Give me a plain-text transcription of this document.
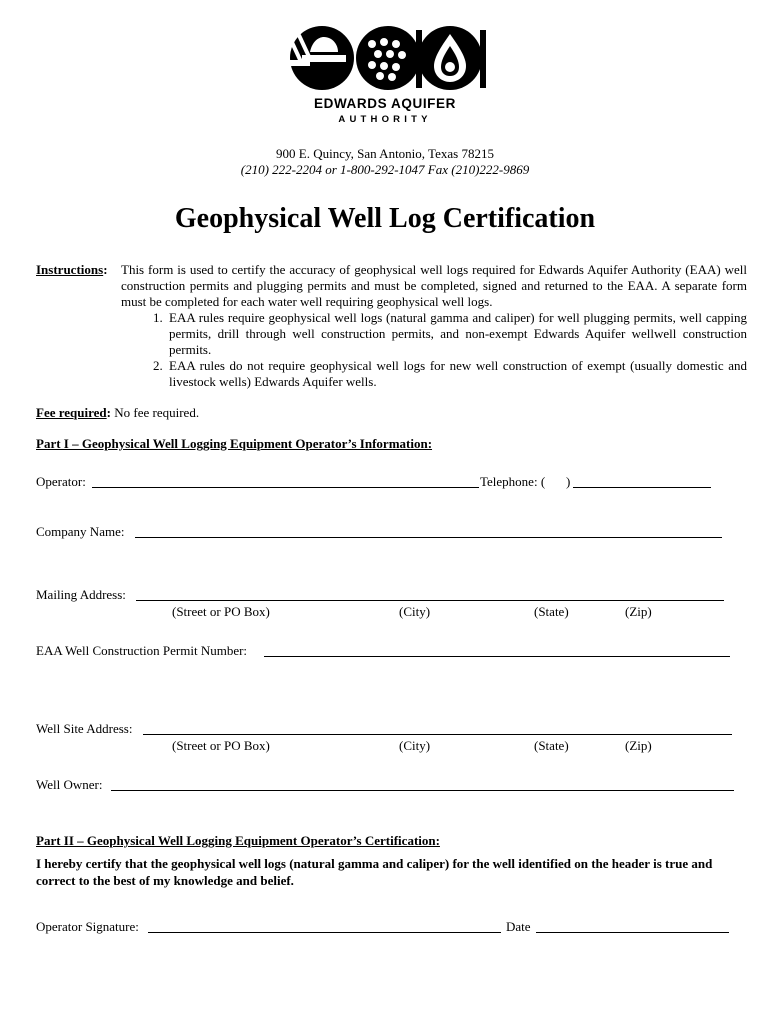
EDWARDS AQUIFER
AUTHORITY
900 E. Quincy, San Antonio, Texas 78215
(210) 222-2204 or 1-800-292-1047 Fax (210)222-9869
Geophysical Well Log Certification
Instructions: This form is used to certify the accuracy of geophysical well logs required for Edwards Aquifer Authority (EAA) well construction permits and plugging permits and must be completed, signed and returned to the EAA. A separate form must be completed for each water well requiring geophysical well logs.

1. EAA rules require geophysical well logs (natural gamma and caliper) for well plugging permits, well capping permits, drill through well construction permits, and non-exempt Edwards Aquifer wellwell construction permits.
2. EAA rules do not require geophysical well logs for new well construction of exempt (usually domestic and livestock wells) Edwards Aquifer wells.
Fee required: No fee required.
Part I – Geophysical Well Logging Equipment Operator’s Information:
Operator:	Telephone: ( )
Company Name:
Mailing Address:
(Street or PO Box)	(City)	(State)	(Zip)
EAA Well Construction Permit Number:
Well Site Address:
(Street or PO Box)	(City)	(State)	(Zip)
Well Owner:
Part II – Geophysical Well Logging Equipment Operator’s Certification:
I hereby certify that the geophysical well logs (natural gamma and caliper) for the well identified on the header is true and correct to the best of my knowledge and belief.
Operator Signature:	Date
